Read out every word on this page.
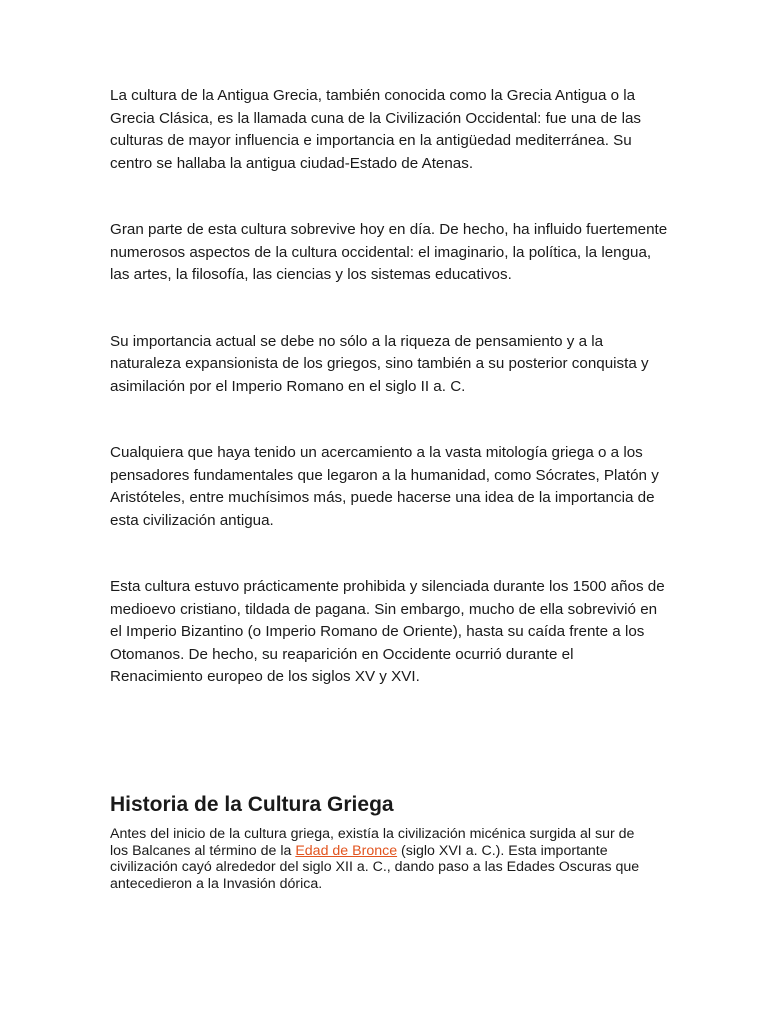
La cultura de la Antigua Grecia, también conocida como la Grecia Antigua o la Grecia Clásica, es la llamada cuna de la Civilización Occidental: fue una de las culturas de mayor influencia e importancia en la antigüedad mediterránea. Su centro se hallaba la antigua ciudad-Estado de Atenas.

Gran parte de esta cultura sobrevive hoy en día. De hecho, ha influido fuertemente numerosos aspectos de la cultura occidental: el imaginario, la política, la lengua, las artes, la filosofía, las ciencias y los sistemas educativos.

Su importancia actual se debe no sólo a la riqueza de pensamiento y a la naturaleza expansionista de los griegos, sino también a su posterior conquista y asimilación por el Imperio Romano en el siglo II a. C.

Cualquiera que haya tenido un acercamiento a la vasta mitología griega o a los pensadores fundamentales que legaron a la humanidad, como Sócrates, Platón y Aristóteles, entre muchísimos más, puede hacerse una idea de la importancia de esta civilización antigua.

Esta cultura estuvo prácticamente prohibida y silenciada durante los 1500 años de medioevo cristiano, tildada de pagana. Sin embargo, mucho de ella sobrevivió en el Imperio Bizantino (o Imperio Romano de Oriente), hasta su caída frente a los Otomanos. De hecho, su reaparición en Occidente ocurrió durante el Renacimiento europeo de los siglos XV y XVI.

Historia de la Cultura Griega

Antes del inicio de la cultura griega, existía la civilización micénica surgida al sur de los Balcanes al término de la Edad de Bronce (siglo XVI a. C.). Esta importante civilización cayó alrededor del siglo XII a. C., dando paso a las Edades Oscuras que antecedieron a la Invasión dórica.
